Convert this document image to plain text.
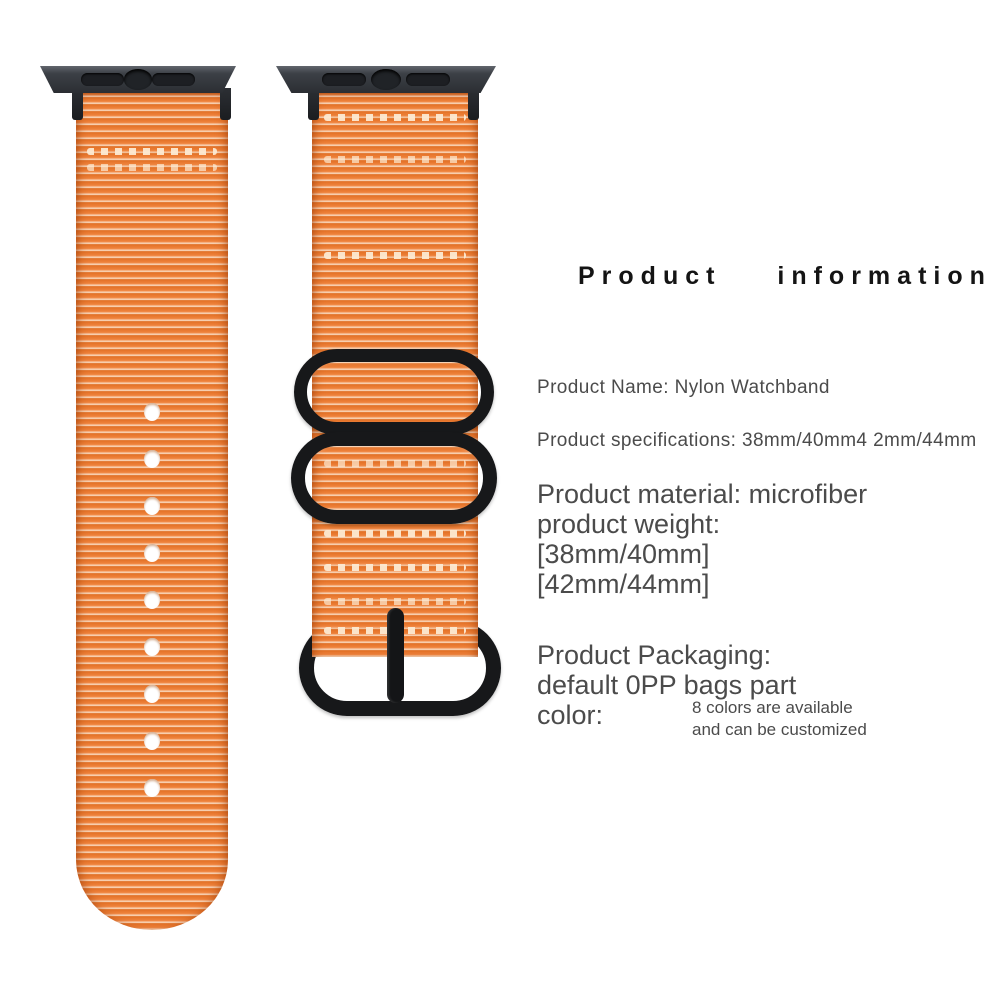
Product information
Product Name: Nylon Watchband
Product specifications: 38mm/40mm4 2mm/44mm
Product material: microfiber
product weight:
[38mm/40mm]
[42mm/44mm]
Product Packaging:
default 0PP bags part
color:	8 colors are available
and can be customized
